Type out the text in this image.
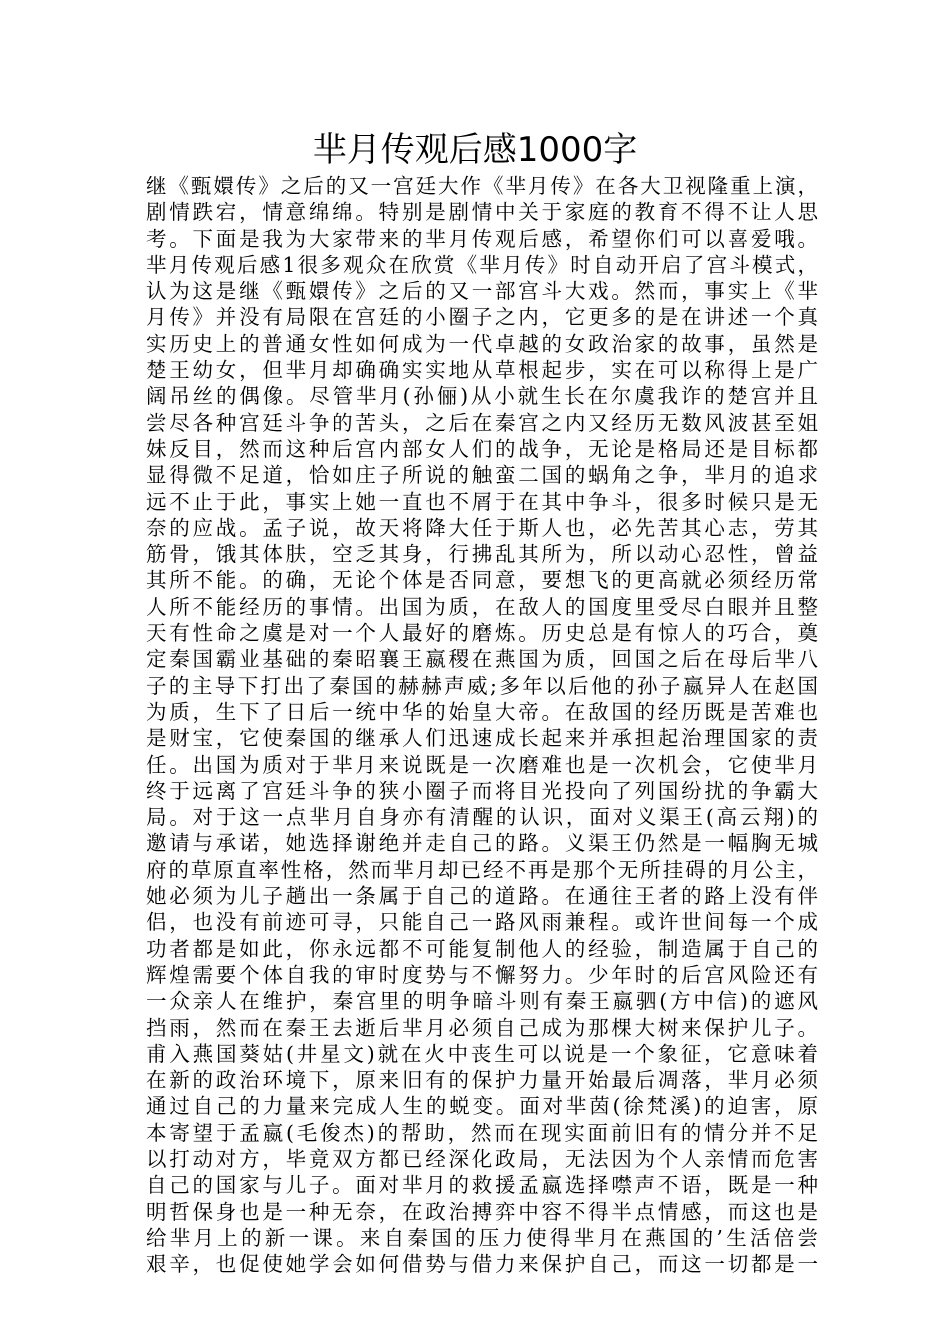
芈月传观后感1000字
继《甄嬛传》之后的又一宫廷大作《芈月传》在各大卫视隆重上演，
剧情跌宕，情意绵绵。特别是剧情中关于家庭的教育不得不让人思
考。下面是我为大家带来的芈月传观后感，希望你们可以喜爱哦。
芈月传观后感1很多观众在欣赏《芈月传》时自动开启了宫斗模式，
认为这是继《甄嬛传》之后的又一部宫斗大戏。然而，事实上《芈
月传》并没有局限在宫廷的小圈子之内，它更多的是在讲述一个真
实历史上的普通女性如何成为一代卓越的女政治家的故事，虽然是
楚王幼女，但芈月却确确实实地从草根起步，实在可以称得上是广
阔吊丝的偶像。尽管芈月(孙俪)从小就生长在尔虞我诈的楚宫并且
尝尽各种宫廷斗争的苦头，之后在秦宫之内又经历无数风波甚至姐
妹反目，然而这种后宫内部女人们的战争，无论是格局还是目标都
显得微不足道，恰如庄子所说的触蛮二国的蜗角之争，芈月的追求
远不止于此，事实上她一直也不屑于在其中争斗，很多时候只是无
奈的应战。孟子说，故天将降大任于斯人也，必先苦其心志，劳其
筋骨，饿其体肤，空乏其身，行拂乱其所为，所以动心忍性，曾益
其所不能。的确，无论个体是否同意，要想飞的更高就必须经历常
人所不能经历的事情。出国为质，在敌人的国度里受尽白眼并且整
天有性命之虞是对一个人最好的磨炼。历史总是有惊人的巧合，奠
定秦国霸业基础的秦昭襄王嬴稷在燕国为质，回国之后在母后芈八
子的主导下打出了秦国的赫赫声威;多年以后他的孙子嬴异人在赵国
为质，生下了日后一统中华的始皇大帝。在敌国的经历既是苦难也
是财宝，它使秦国的继承人们迅速成长起来并承担起治理国家的责
任。出国为质对于芈月来说既是一次磨难也是一次机会，它使芈月
终于远离了宫廷斗争的狭小圈子而将目光投向了列国纷扰的争霸大
局。对于这一点芈月自身亦有清醒的认识，面对义渠王(高云翔)的
邀请与承诺，她选择谢绝并走自己的路。义渠王仍然是一幅胸无城
府的草原直率性格，然而芈月却已经不再是那个无所挂碍的月公主，
她必须为儿子趟出一条属于自己的道路。在通往王者的路上没有伴
侣，也没有前迹可寻，只能自己一路风雨兼程。或许世间每一个成
功者都是如此，你永远都不可能复制他人的经验，制造属于自己的
辉煌需要个体自我的审时度势与不懈努力。少年时的后宫风险还有
一众亲人在维护，秦宫里的明争暗斗则有秦王嬴驷(方中信)的遮风
挡雨，然而在秦王去逝后芈月必须自己成为那棵大树来保护儿子。
甫入燕国葵姑(井星文)就在火中丧生可以说是一个象征，它意味着
在新的政治环境下，原来旧有的保护力量开始最后凋落，芈月必须
通过自己的力量来完成人生的蜕变。面对芈茵(徐梵溪)的迫害，原
本寄望于孟嬴(毛俊杰)的帮助，然而在现实面前旧有的情分并不足
以打动对方，毕竟双方都已经深化政局，无法因为个人亲情而危害
自己的国家与儿子。面对芈月的救援孟嬴选择噤声不语，既是一种
明哲保身也是一种无奈，在政治搏弈中容不得半点情感，而这也是
给芈月上的新一课。来自秦国的压力使得芈月在燕国的’生活倍尝
艰辛，也促使她学会如何借势与借力来保护自己，而这一切都是一
